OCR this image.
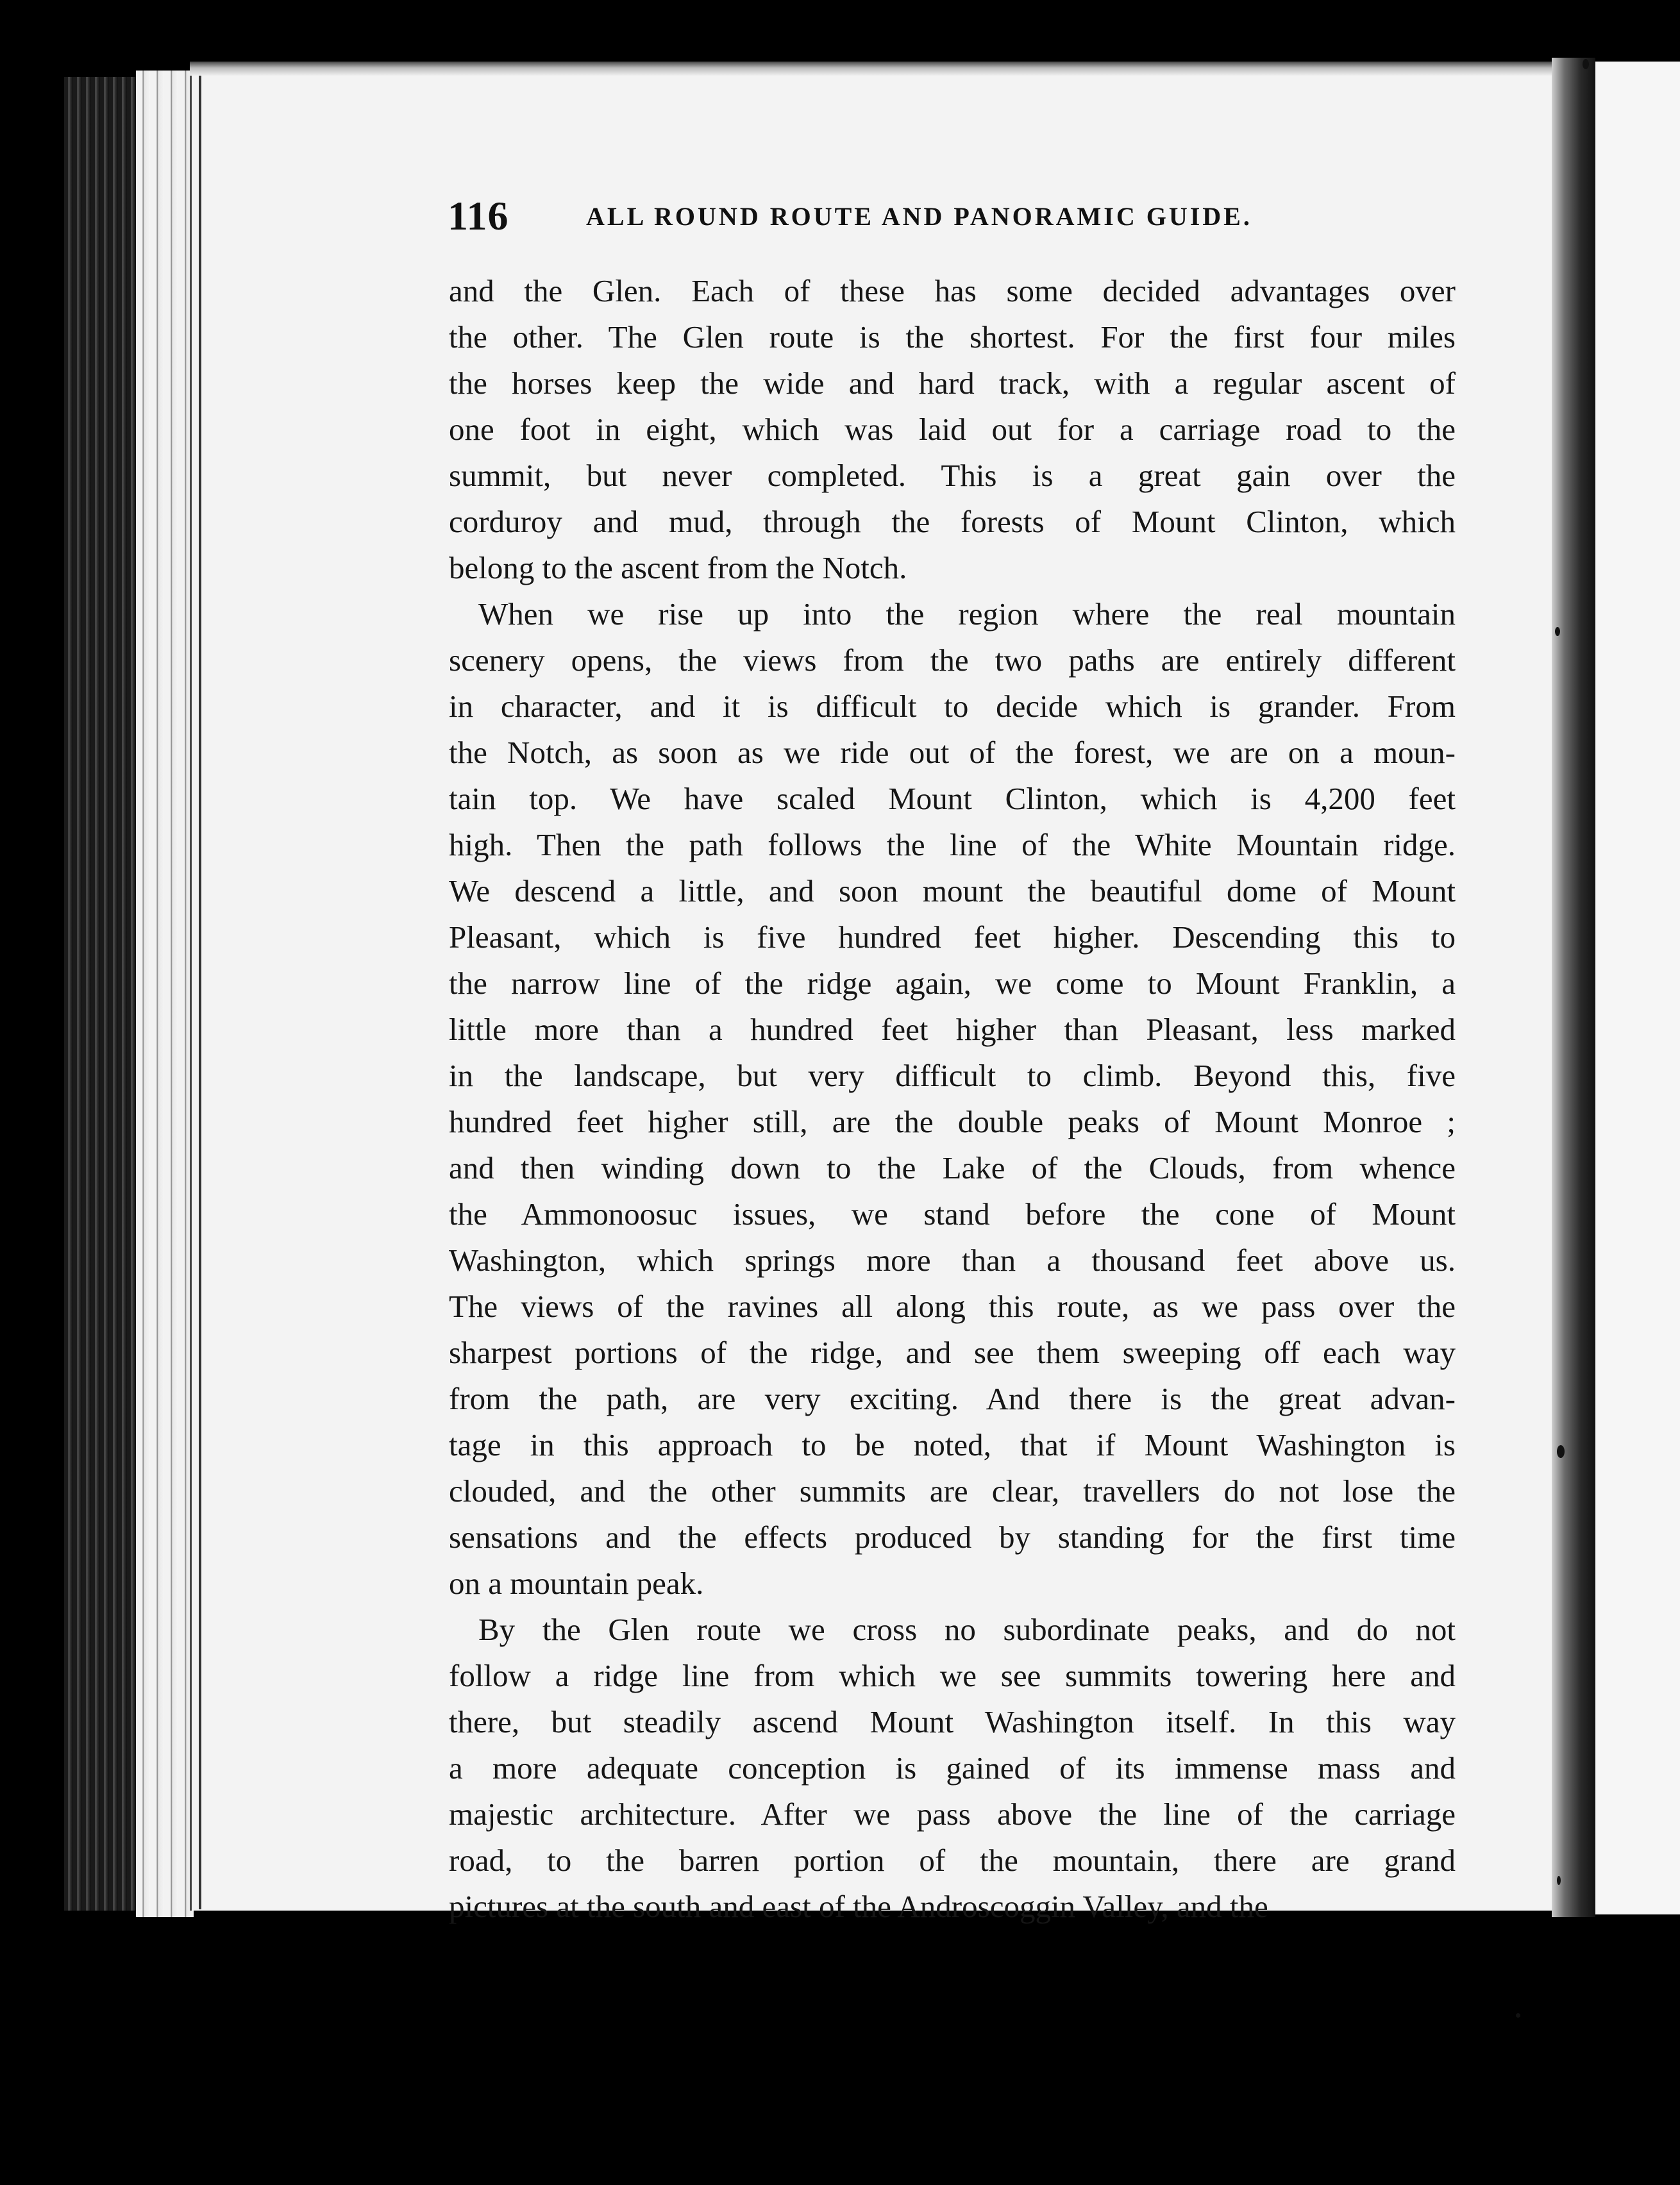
116	ALL ROUND ROUTE AND PANORAMIC GUIDE.
and the Glen. Each of these has some decided advantages over
the other. The Glen route is the shortest. For the first four miles
the horses keep the wide and hard track, with a regular ascent of
one foot in eight, which was laid out for a carriage road to the
summit, but never completed. This is a great gain over the
corduroy and mud, through the forests of Mount Clinton, which
belong to the ascent from the Notch.
When we rise up into the region where the real mountain
scenery opens, the views from the two paths are entirely different
in character, and it is difficult to decide which is grander. From
the Notch, as soon as we ride out of the forest, we are on a moun-
tain top. We have scaled Mount Clinton, which is 4,200 feet
high. Then the path follows the line of the White Mountain ridge.
We descend a little, and soon mount the beautiful dome of Mount
Pleasant, which is five hundred feet higher. Descending this to
the narrow line of the ridge again, we come to Mount Franklin, a
little more than a hundred feet higher than Pleasant, less marked
in the landscape, but very difficult to climb. Beyond this, five
hundred feet higher still, are the double peaks of Mount Monroe ;
and then winding down to the Lake of the Clouds, from whence
the Ammonoosuc issues, we stand before the cone of Mount
Washington, which springs more than a thousand feet above us.
The views of the ravines all along this route, as we pass over the
sharpest portions of the ridge, and see them sweeping off each way
from the path, are very exciting. And there is the great advan-
tage in this approach to be noted, that if Mount Washington is
clouded, and the other summits are clear, travellers do not lose the
sensations and the effects produced by standing for the first time
on a mountain peak.
By the Glen route we cross no subordinate peaks, and do not
follow a ridge line from which we see summits towering here and
there, but steadily ascend Mount Washington itself. In this way
a more adequate conception is gained of its immense mass and
majestic architecture. After we pass above the line of the carriage
road, to the barren portion of the mountain, there are grand
pictures at the south and east of the Androscoggin Valley, and the
